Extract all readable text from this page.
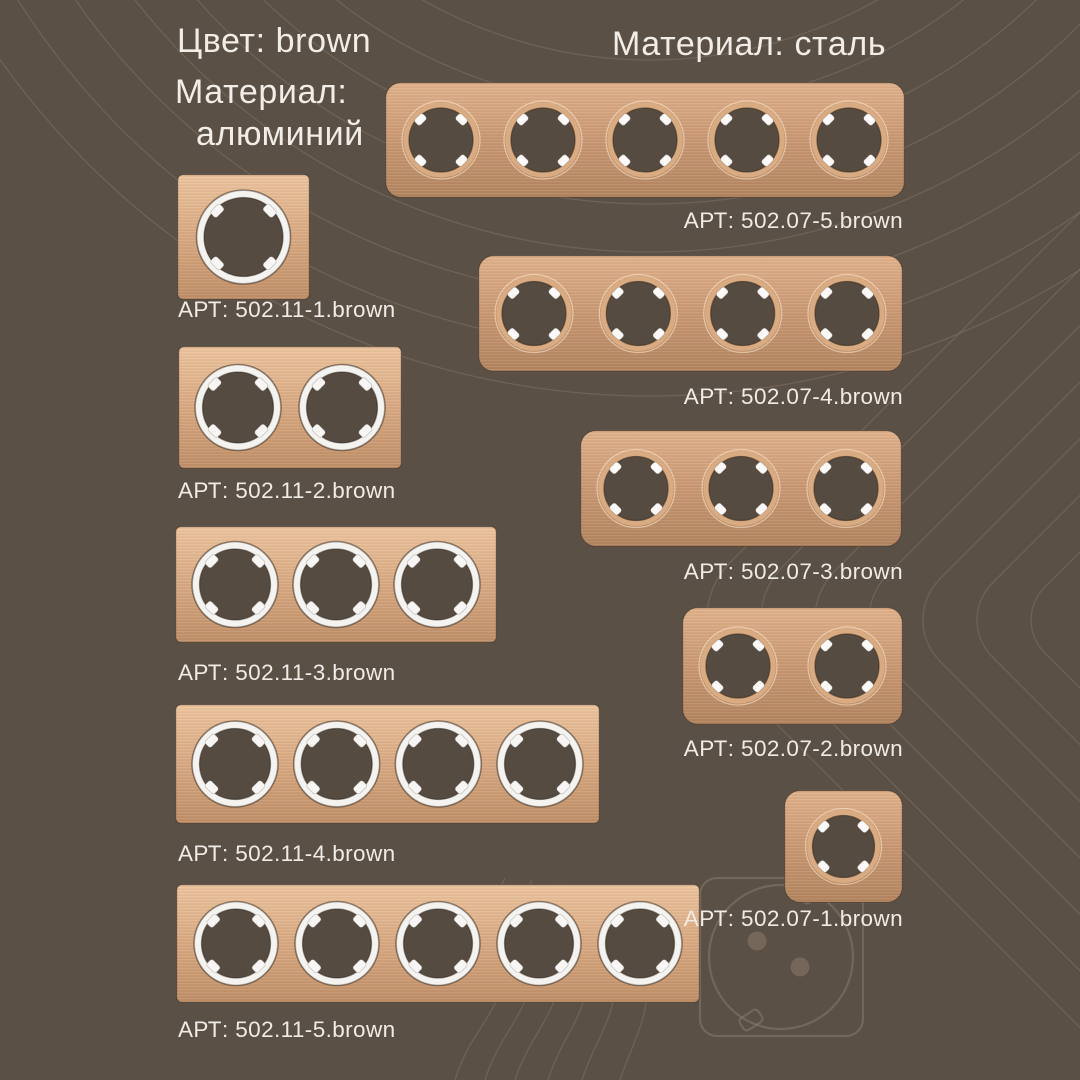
Цвет: brown
Материал:
алюминий
Материал: сталь
АРТ: 502.11-1.brown
АРТ: 502.11-2.brown
АРТ: 502.11-3.brown
АРТ: 502.11-4.brown
АРТ: 502.11-5.brown
АРТ: 502.07-5.brown
АРТ: 502.07-4.brown
АРТ: 502.07-3.brown
АРТ: 502.07-2.brown
АРТ: 502.07-1.brown
